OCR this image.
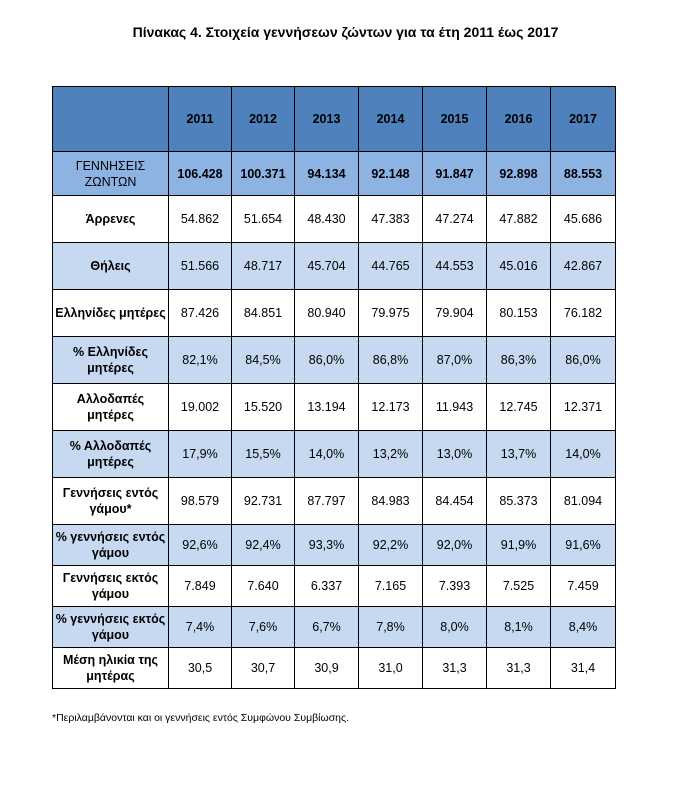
Πίνακας 4. Στοιχεία γεννήσεων ζώντων για τα έτη 2011 έως 2017
	2011	2012	2013	2014	2015	2016	2017
ΓΕΝΝΗΣΕΙΣ ΖΩΝΤΩΝ	106.428	100.371	94.134	92.148	91.847	92.898	88.553
Άρρενες	54.862	51.654	48.430	47.383	47.274	47.882	45.686
Θήλεις	51.566	48.717	45.704	44.765	44.553	45.016	42.867
Ελληνίδες μητέρες	87.426	84.851	80.940	79.975	79.904	80.153	76.182
% Ελληνίδες μητέρες	82,1%	84,5%	86,0%	86,8%	87,0%	86,3%	86,0%
Αλλοδαπές μητέρες	19.002	15.520	13.194	12.173	11.943	12.745	12.371
% Αλλοδαπές μητέρες	17,9%	15,5%	14,0%	13,2%	13,0%	13,7%	14,0%
Γεννήσεις εντός γάμου*	98.579	92.731	87.797	84.983	84.454	85.373	81.094
% γεννήσεις εντός γάμου	92,6%	92,4%	93,3%	92,2%	92,0%	91,9%	91,6%
Γεννήσεις εκτός γάμου	7.849	7.640	6.337	7.165	7.393	7.525	7.459
% γεννήσεις εκτός γάμου	7,4%	7,6%	6,7%	7,8%	8,0%	8,1%	8,4%
Μέση ηλικία της μητέρας	30,5	30,7	30,9	31,0	31,3	31,3	31,4
*Περιλαμβάνονται και οι γεννήσεις εντός Συμφώνου Συμβίωσης.
